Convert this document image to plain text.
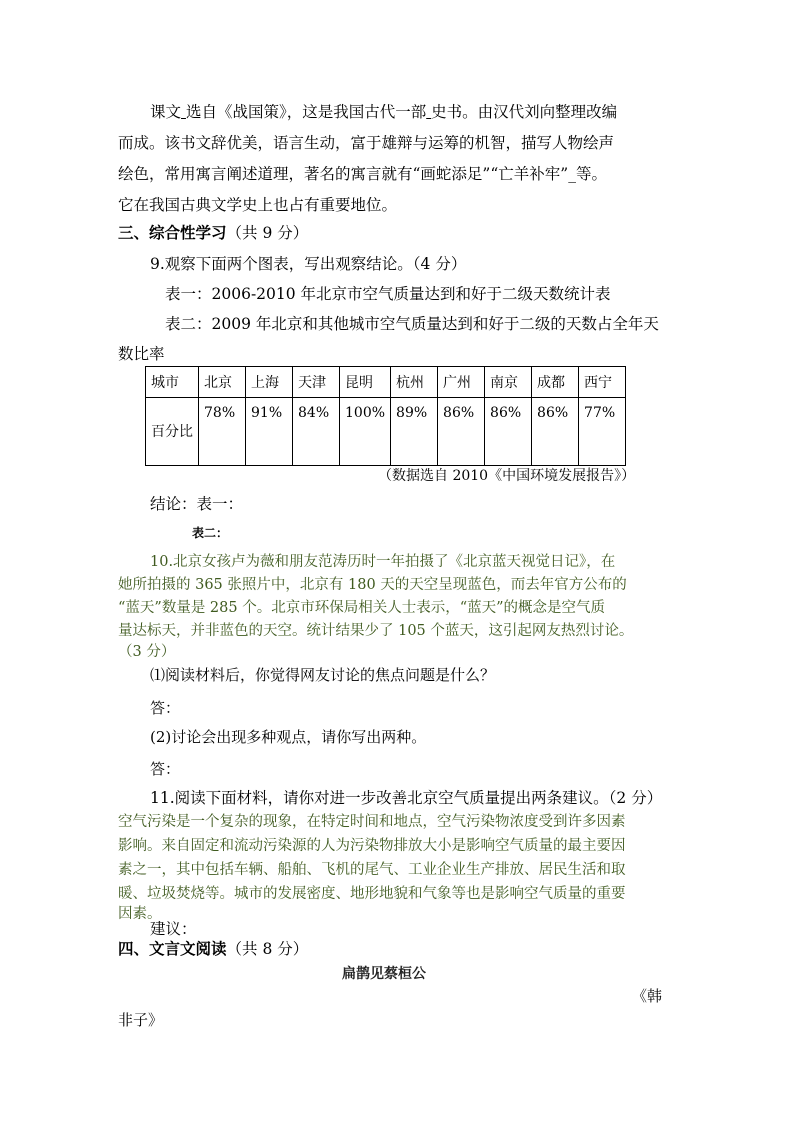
课文 选自《战国策》，这是我国古代一部 史书。由汉代刘向整理改编
而成。该书文辞优美，语言生动，富于雄辩与运筹的机智，描写人物绘声
绘色，常用寓言阐述道理，著名的寓言就有“画蛇添足”“亡羊补牢”_等。
它在我国古典文学史上也占有重要地位。
三、综合性学习（共 9 分）
9.观察下面两个图表，写出观察结论。（4 分）
表一：2006-2010 年北京市空气质量达到和好于二级天数统计表
表二：2009 年北京和其他城市空气质量达到和好于二级的天数占全年天
数比率
城市	北京	上海	天津	昆明	杭州	广州	南京	成都	西宁
百分比	78%	91%	84%	100%	89%	86%	86%	86%	77%
（数据选自 2010《中国环境发展报告》）
结论：表一：
表二：
10.北京女孩卢为薇和朋友范涛历时一年拍摄了《北京蓝天视觉日记》，在
她所拍摄的 365 张照片中，北京有 180 天的天空呈现蓝色，而去年官方公布的
“蓝天”数量是 285 个。北京市环保局相关人士表示，“蓝天”的概念是空气质
量达标天，并非蓝色的天空。统计结果少了 105 个蓝天，这引起网友热烈讨论。
（3 分）
⑴阅读材料后，你觉得网友讨论的焦点问题是什么？
答：
(2)讨论会出现多种观点，请你写出两种。
答：
11.阅读下面材料，请你对进一步改善北京空气质量提出两条建议。（2 分）
空气污染是一个复杂的现象，在特定时间和地点，空气污染物浓度受到许多因素
影响。来自固定和流动污染源的人为污染物排放大小是影响空气质量的最主要因
素之一，其中包括车辆、船舶、飞机的尾气、工业企业生产排放、居民生活和取
暖、垃圾焚烧等。城市的发展密度、地形地貌和气象等也是影响空气质量的重要
因素。
建议：
四、文言文阅读（共 8 分）
扁鹊见蔡桓公
《韩
非子》
